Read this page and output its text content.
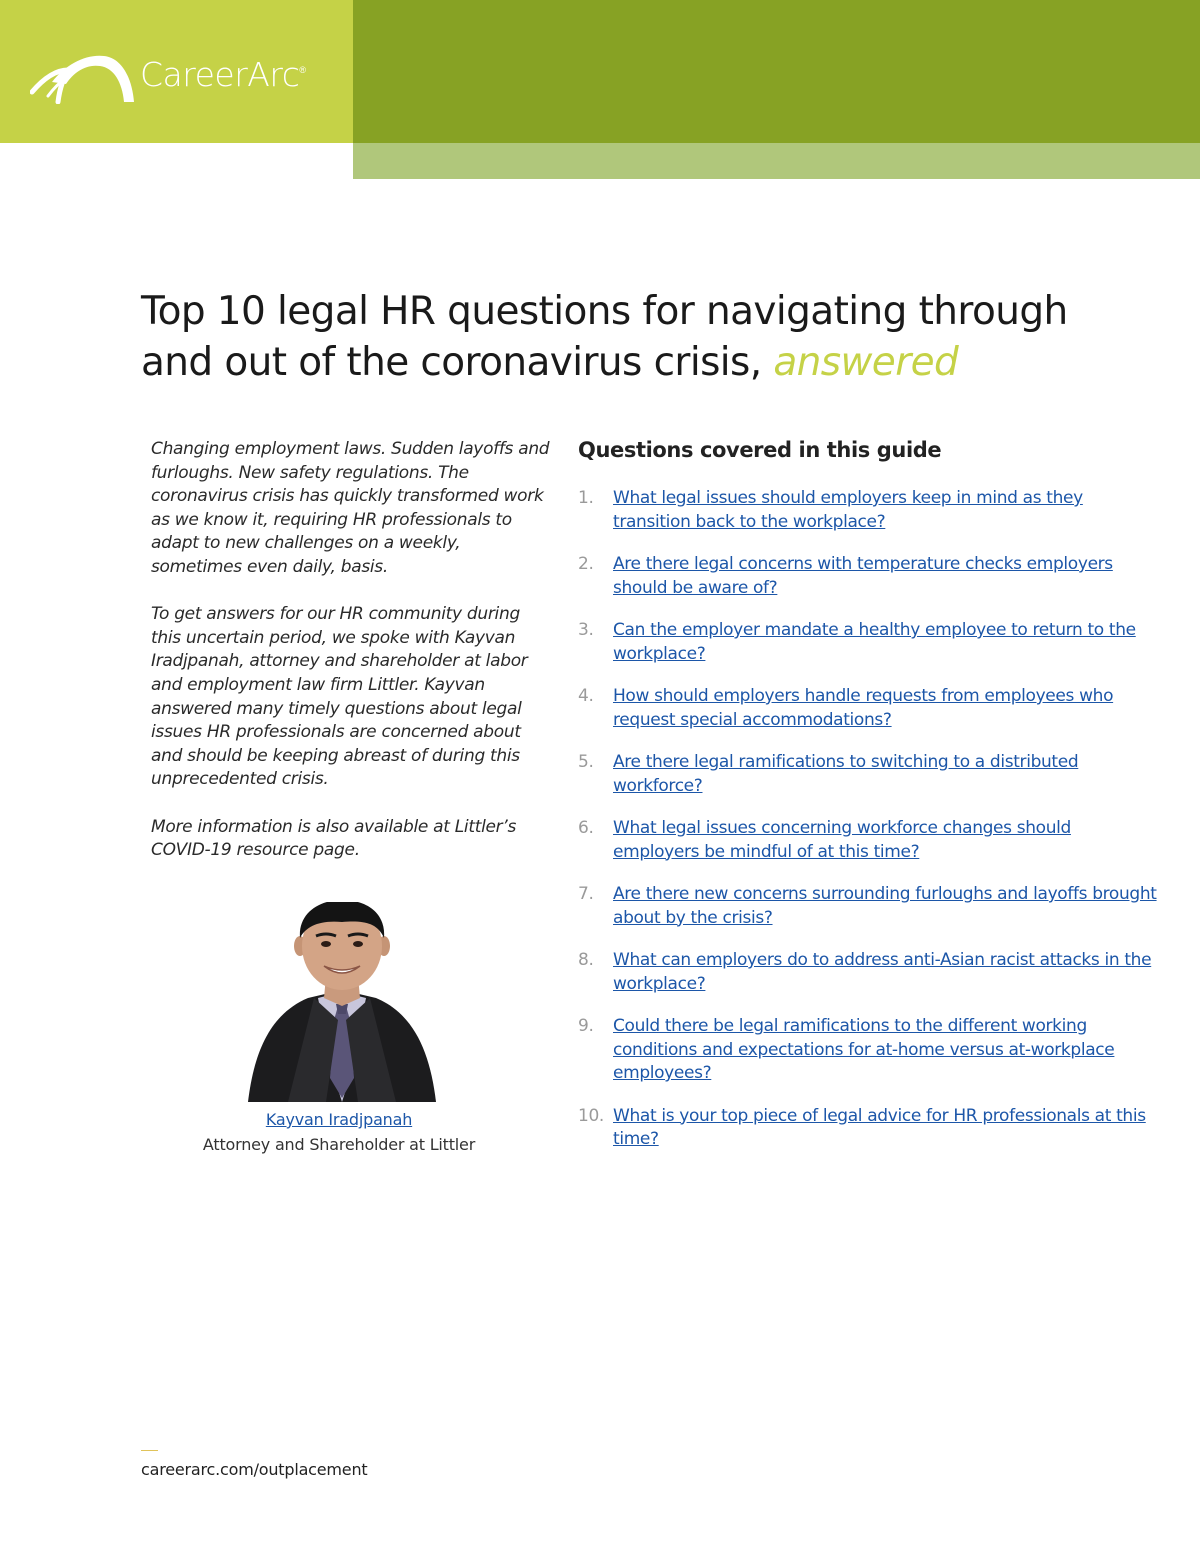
CareerArc ®
Top 10 legal HR questions for navigating through
and out of the coronavirus crisis, answered

Changing employment laws. Sudden layoffs and furloughs. New safety regulations. The coronavirus crisis has quickly transformed work as we know it, requiring HR professionals to adapt to new challenges on a weekly, sometimes even daily, basis.

To get answers for our HR community during this uncertain period, we spoke with Kayvan Iradjpanah, attorney and shareholder at labor and employment law firm Littler. Kayvan answered many timely questions about legal issues HR professionals are concerned about and should be keeping abreast of during this unprecedented crisis.

More information is also available at Littler’s COVID-19 resource page.

Kayvan Iradjpanah
Attorney and Shareholder at Littler
Questions covered in this guide
1.	What legal issues should employers keep in mind as they transition back to the workplace?
2.	Are there legal concerns with temperature checks employers should be aware of?
3.	Can the employer mandate a healthy employee to return to the workplace?
4.	How should employers handle requests from employees who request special accommodations?
5.	Are there legal ramifications to switching to a distributed workforce?
6.	What legal issues concerning workforce changes should employers be mindful of at this time?
7.	Are there new concerns surrounding furloughs and layoffs brought about by the crisis?
8.	What can employers do to address anti-Asian racist attacks in the workplace?
9.	Could there be legal ramifications to the different working conditions and expectations for at-home versus at-workplace employees?
10. What is your top piece of legal advice for HR professionals at this time?
careerarc.com/outplacement
